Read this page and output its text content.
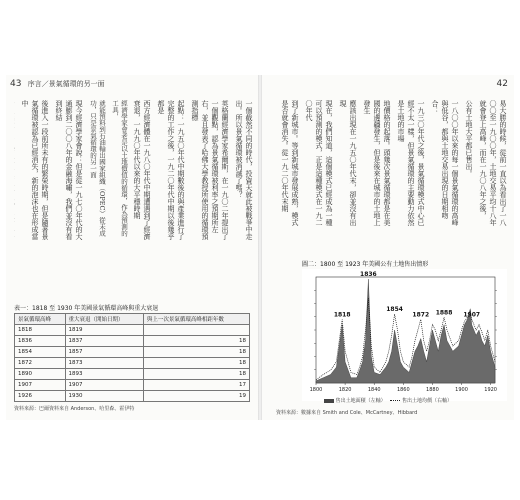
43 序言／景氣循環的另一面

一個截然不同的時代，投資天就此被戰爭中走出。所以景氣循環被消滅了嗎？

英格蘭經濟學家希爾斯，在一九〇二年提出了一個觀點，認為景氣循環被利率之預期所左右，並且發表了哈佛大學教授所使用的循環預測指標

起點：一九五〇年代中期數後的與產業進行了完整的工作之後，一九二〇年代中期以後幾乎都是

西方經濟體在一九八〇年代中期遭遇到了經濟衰退，一九九〇年代以來的大平穩時期

經濟學家會老是以土地價值的循環，作為預測的工具，

就能預料到石油輸出國家組織（OPEC）從未成功，只是景氣循環的另一面

現今經濟學家會說：但是從一九七〇年代的大通膨到二〇〇八年的金融海嘯，我們並沒有看到終結

後進入一段前所未有的繁榮時期，但是隨著景氣循環被認為已經消失，新的泡沫也在形成當中

表一：1818 至 1930 年美國景氣循環高峰與重大衰退
景氣循環高峰	重大衰退（開始日期）	與上一次景氣循環高峰相距年數
1818	1819	
1836	1837	18
1854	1857	18
1872	1873	18
1890	1893	18
1907	1907	17
1926	1930	19
資料來源：巴爾資料來自 Anderson、哈里森、霍伊特
42

易大勝的時候，從前一直以為看出了一八〇〇至一九〇〇年，土地交易平均十八年就會登上高峰，而在一九〇八年之後，

公有土地大平都已售出。

一八〇〇年以來的每一個景氣循環的高峰與低谷，都與土地交易出現的日期相吻合：

一九三〇年代之後，景氣循環模式中心已經不太一樣，但景氣循環的主要動力依然是土地的市場

地價格的起落。頭幾次景氣循環都是在美國的邊疆發生，但是後來在城市的土地上發生

應該出現在一九五〇年代末，卻並沒有出現

現在，我們知道，這個模式已經成為一種可以預測的模式，正是這種模式在一九二〇年代

到了新城市。等到新城市發展成熟，模式是否就會消失。從一九二〇年代末期

圖二：1800 至 1923 年美國公有土地售出情形
1800	1820	1840	1860	1880	1900	1920
1818
1836
1854
1872 1888 1907
售出土地面積（左軸）	售出土地均價（右軸）
資料來源：數據來自 Smith and Cole、McCartney、Hibbard
